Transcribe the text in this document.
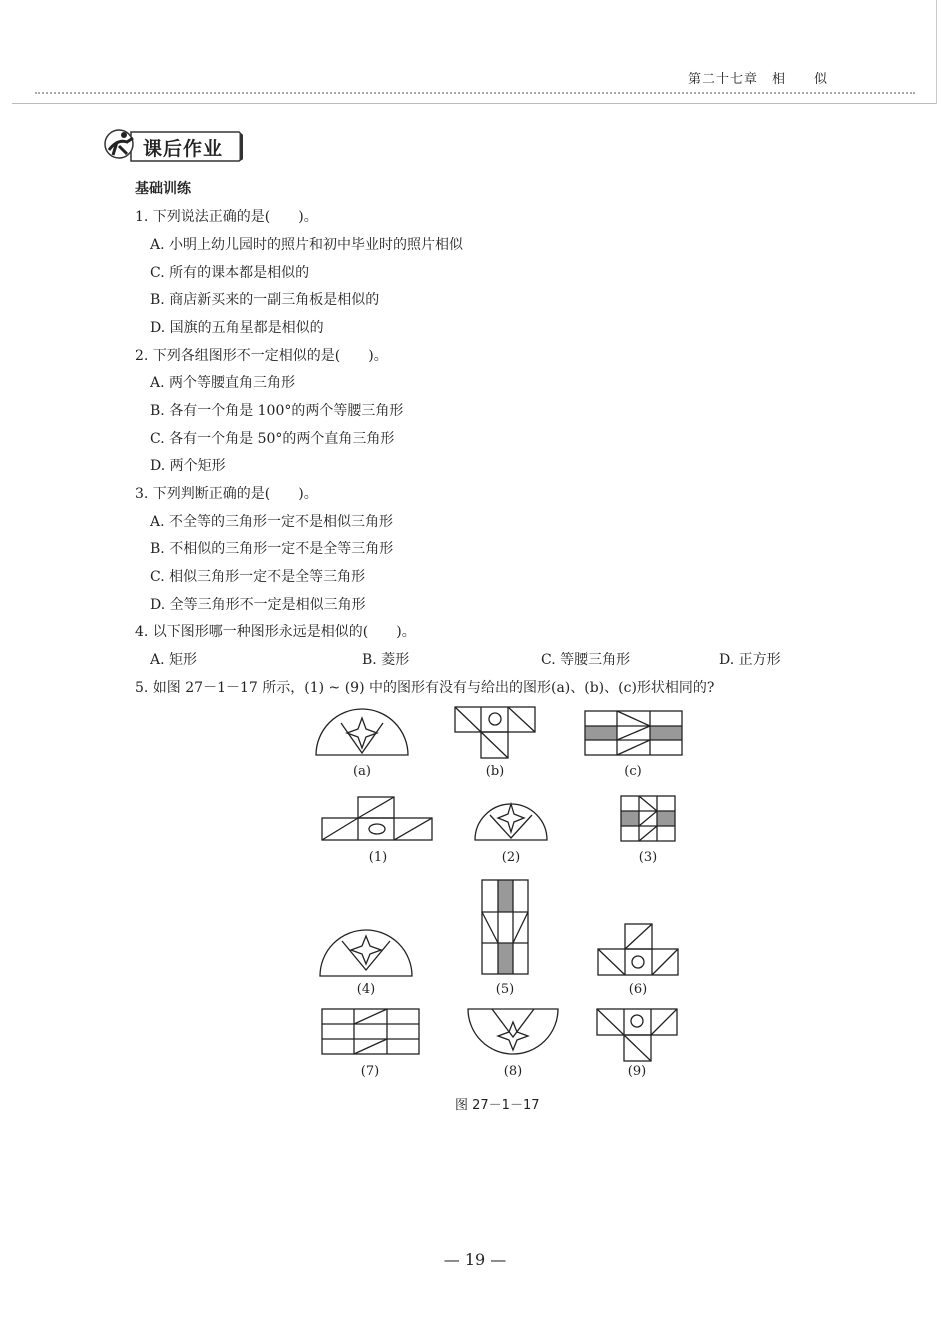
第二十七章　相　　似
课后作业
基础训练
1. 下列说法正确的是(　　)。
A. 小明上幼儿园时的照片和初中毕业时的照片相似
C. 所有的课本都是相似的
B. 商店新买来的一副三角板是相似的
D. 国旗的五角星都是相似的
2. 下列各组图形不一定相似的是(　　)。
A. 两个等腰直角三角形
B. 各有一个角是 100°的两个等腰三角形
C. 各有一个角是 50°的两个直角三角形
D. 两个矩形
3. 下列判断正确的是(　　)。
A. 不全等的三角形一定不是相似三角形
B. 不相似的三角形一定不是全等三角形
C. 相似三角形一定不是全等三角形
D. 全等三角形不一定是相似三角形
4. 以下图形哪一种图形永远是相似的(　　)。
A. 矩形	B. 菱形	C. 等腰三角形	D. 正方形
5. 如图 27－1－17 所示，(1) ~ (9) 中的图形有没有与给出的图形(a)、(b)、(c)形状相同的?
(a)	(b)	(c)
(1)	(2)	(3)
(4)	(5)	(6)
(7)	(8)	(9)
图 27－1－17
— 19 —
